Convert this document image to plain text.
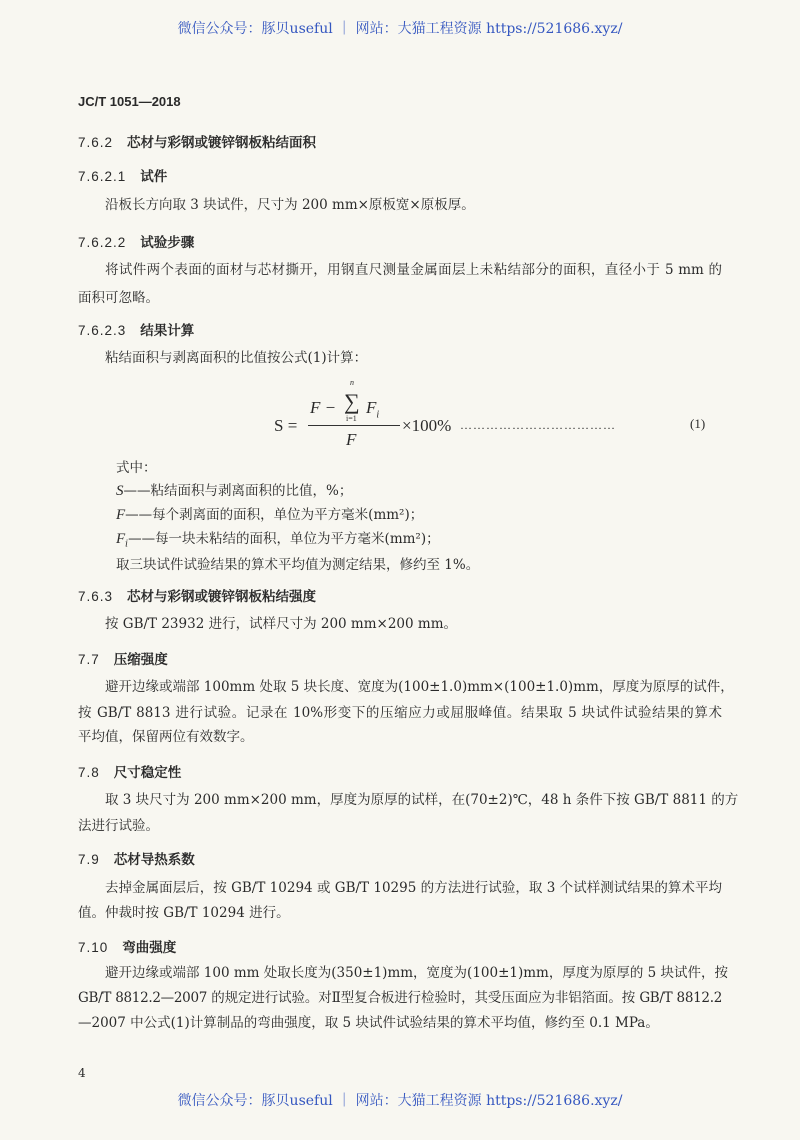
微信公众号：豚贝useful ｜ 网站：大猫工程资源 https://521686.xyz/
JC/T 1051—2018
7.6.2 芯材与彩钢或镀锌钢板粘结面积
7.6.2.1 试件
沿板长方向取 3 块试件，尺寸为 200 mm×原板宽×原板厚。
7.6.2.2 试验步骤
将试件两个表面的面材与芯材撕开，用钢直尺测量金属面层上未粘结部分的面积，直径小于 5 mm 的
面积可忽略。
7.6.2.3 结果计算
粘结面积与剥离面积的比值按公式(1)计算：
S =
F −
n
∑
i=1
$F_i$
F
×100% ………………………………	(1)
式中：
S——粘结面积与剥离面积的比值，%；
F——每个剥离面的面积，单位为平方毫米(mm²)；
$F_i——$每一块未粘结的面积，单位为平方毫米(mm²)；
取三块试件试验结果的算术平均值为测定结果，修约至 1%。
7.6.3 芯材与彩钢或镀锌钢板粘结强度
按 GB/T 23932 进行，试样尺寸为 200 mm×200 mm。
7.7 压缩强度
避开边缘或端部 100mm 处取 5 块长度、宽度为(100±1.0)mm×(100±1.0)mm，厚度为原厚的试件，
按 GB/T 8813 进行试验。记录在 10%形变下的压缩应力或屈服峰值。结果取 5 块试件试验结果的算术
平均值，保留两位有效数字。
7.8 尺寸稳定性
取 3 块尺寸为 200 mm×200 mm，厚度为原厚的试样，在(70±2)℃，48 h 条件下按 GB/T 8811 的方
法进行试验。
7.9 芯材导热系数
去掉金属面层后，按 GB/T 10294 或 GB/T 10295 的方法进行试验，取 3 个试样测试结果的算术平均
值。仲裁时按 GB/T 10294 进行。
7.10 弯曲强度
避开边缘或端部 100 mm 处取长度为(350±1)mm，宽度为(100±1)mm，厚度为原厚的 5 块试件，按
GB/T 8812.2—2007 的规定进行试验。对Ⅱ型复合板进行检验时，其受压面应为非铝箔面。按 GB/T 8812.2
—2007 中公式(1)计算制品的弯曲强度，取 5 块试件试验结果的算术平均值，修约至 0.1 MPa。
4
微信公众号：豚贝useful ｜ 网站：大猫工程资源 https://521686.xyz/
